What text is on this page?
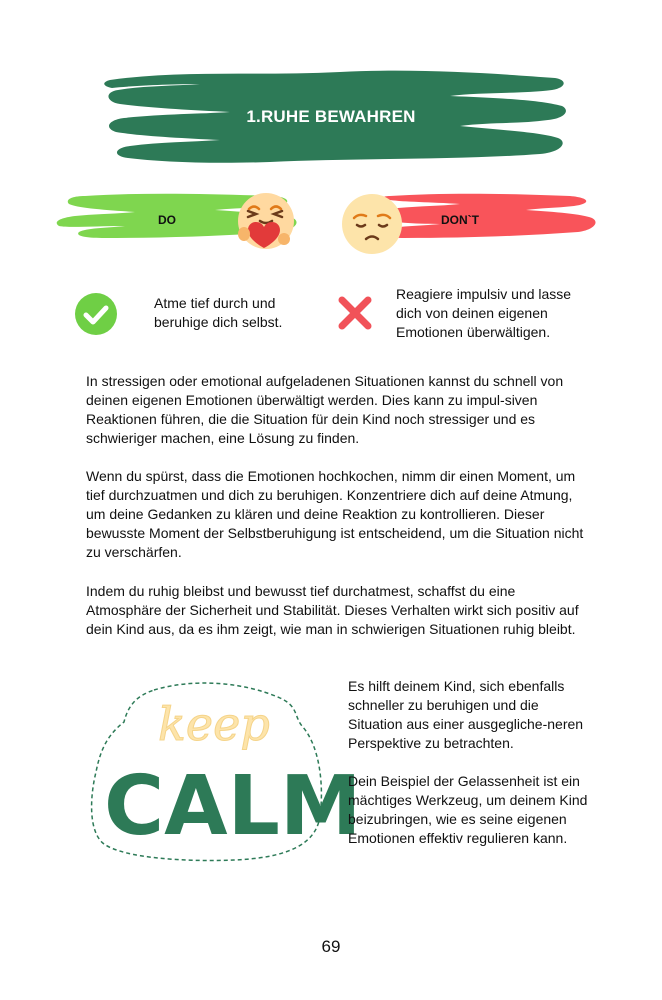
1.RUHE BEWAHREN
DO	DON`T
Atme tief durch und beruhige dich selbst.
Reagiere impulsiv und lasse dich von deinen eigenen Emotionen überwältigen.

In stressigen oder emotional aufgeladenen Situationen kannst du schnell von deinen eigenen Emotionen überwältigt werden. Dies kann zu impul-siven Reaktionen führen, die die Situation für dein Kind noch stressiger und es schwieriger machen, eine Lösung zu finden.

Wenn du spürst, dass die Emotionen hochkochen, nimm dir einen Moment, um tief durchzuatmen und dich zu beruhigen. Konzentriere dich auf deine Atmung, um deine Gedanken zu klären und deine Reaktion zu kontrollieren. Dieser bewusste Moment der Selbstberuhigung ist entscheidend, um die Situation nicht zu verschärfen.

Indem du ruhig bleibst und bewusst tief durchatmest, schaffst du eine Atmosphäre der Sicherheit und Stabilität. Dieses Verhalten wirkt sich positiv auf dein Kind aus, da es ihm zeigt, wie man in schwierigen Situationen ruhig bleibt.

keep
CALM

Es hilft deinem Kind, sich ebenfalls schneller zu beruhigen und die Situation aus einer ausgegliche-neren Perspektive zu betrachten.

Dein Beispiel der Gelassenheit ist ein mächtiges Werkzeug, um deinem Kind beizubringen, wie es seine eigenen Emotionen effektiv regulieren kann.

69
